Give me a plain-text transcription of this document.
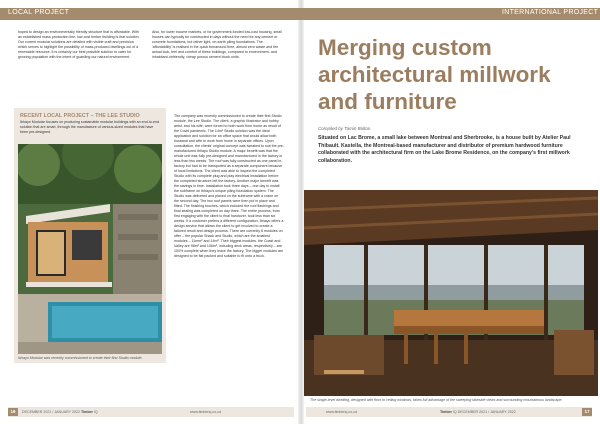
LOCAL PROJECT	INTERNATIONAL PROJECT

hoped to design an environmentally friendly structure that is affordable. With an established mass production line, low-cost timber building is that solution. Our current modular solutions are detailed with visible craft and precision which serves to highlight the possibility of mass-produced dwellings out of a renewable resource. It is certainly our best possible solution to cater for growing population with the intent of guarding our natural environment.

Also, for lower income markets, or for government-funded low-cost housing, small houses can typically be constructed in days without the need for any cement or concrete foundations, but rather light, on-earth piling foundations. The 'affordability' is realised in the quick turnaround time, almost zero waste and the actual look, feel and comfort of these buildings, compared to environment- and inhabitant-unfriendly, cheap porous cement block units.

RECENT LOCAL PROJECT – THE LEE STUDIO

Ibhayo Modular focuses on producing sustainable modular buildings with an end-to-end solution that are smart, through the manufacture of various-sized modules that have been pre-designed.

Ibhayo Modular was recently commissioned to create their first Studio module.

The company was recently commissioned to create their first Studio module, the Lee Studio. The client, a graphic illustrator and hobby artist, and his wife, were forced to both work from home as result of the Covid pandemic. The 14m² Studio solution was the ideal application and solution for an office space that would allow both husband and wife to work from home in separate offices. Upon consultation, the clients' original concept was tweaked to suit the pre-manufactured Ibhayo Studio module. A major benefit was that the whole unit was fully pre-designed and manufactured in the factory in less than two weeks. The roof was fully constructed as one panel in-factory but had to be transported as a separate component because of local limitations. The client was able to inspect the completed Studio with its complete plug and play electrical installation before the completed structure left the factory. Another major benefit was the savings in time. Installation took three days – one day to install the subframe on Ibhayo's unique piling foundation system. The Studio was delivered and placed on the subframe with a crane on the second day. The two roof panels were then put in place and fitted. The finishing touches, which included the roof flashings and final sealing was completed on day three. The entire process, from first engaging with the client to final handover, took less than six weeks. If a customer prefers a different configuration, Ibhayo offers a design service that allows the client to get involved to create a tailored result and design process. There are currently 6 modules on offer – the popular Shack and Studio, which are the smallest modules – 11mm² and 14m². Their biggest modules, the Coast and Valley are 98m² and 106m², including deck areas, respectively – are 100% complete when they leave the factory. The bigger modules are designed to be flat packed and suitable to fit onto a truck.

Merging custom architectural millwork and furniture
Compiled by Tamin Bolton

Situated on Lac Brome, a small lake between Montreal and Sherbrooke, is a house built by Atelier Paul Thibault. Kastella, the Montreal-based manufacturer and distributor of premium hardwood furniture collaborated with the architectural firm on the Lake Brome Residence, on the company's first millwork collaboration.

The single-level dwelling, designed with floor to ceiling windows, takes full advantage of the sweeping lakeside views and surrounding mountainous landscape.

16	17
DECEMBER 2021 / JANUARY 2022 Timber IQ	www.timberiq.co.za	www.timberiq.co.za	Timber IQ DECEMBER 2021 / JANUARY 2022
